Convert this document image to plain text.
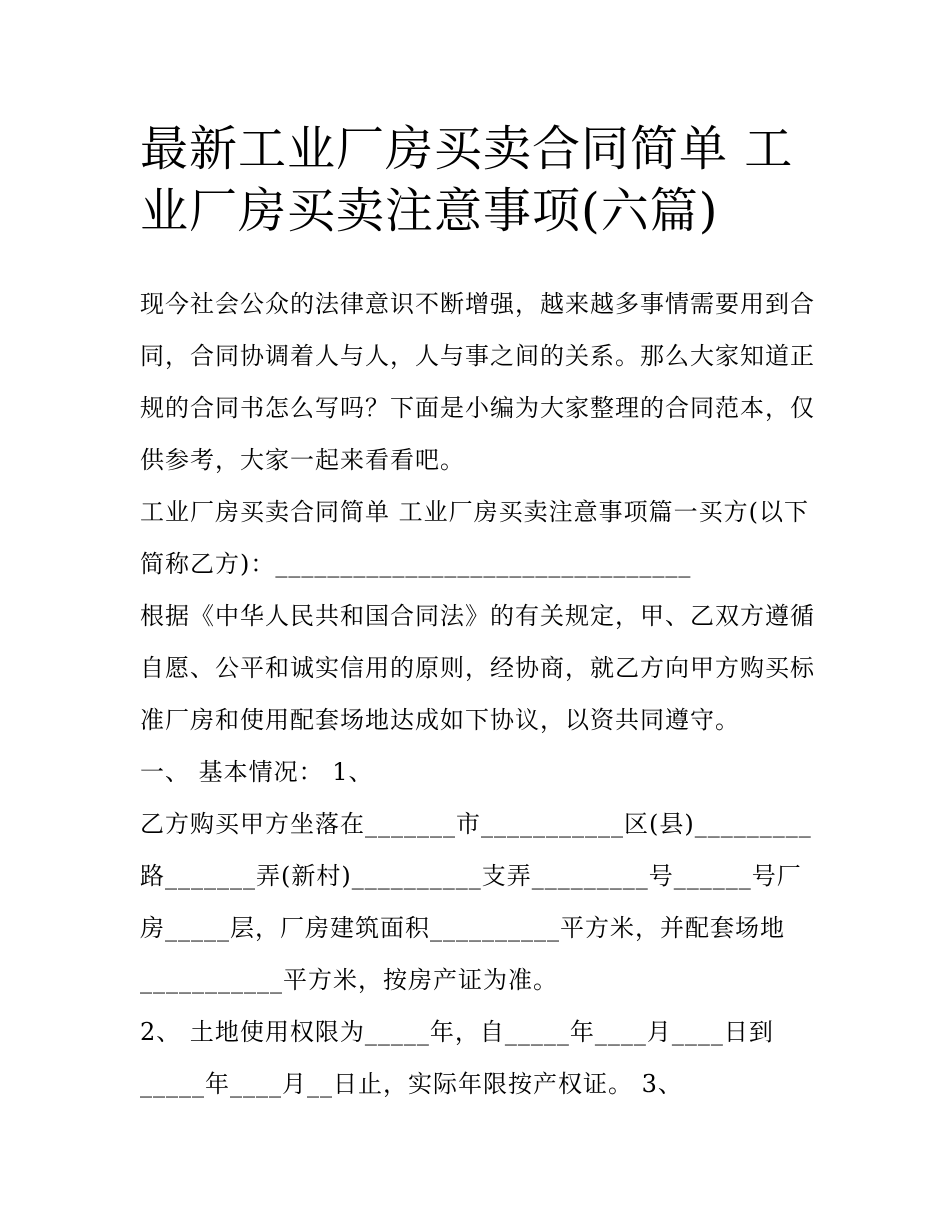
最新工业厂房买卖合同简单 工
业厂房买卖注意事项(六篇)
现今社会公众的法律意识不断增强，越来越多事情需要用到合
同，合同协调着人与人，人与事之间的关系。那么大家知道正
规的合同书怎么写吗？下面是小编为大家整理的合同范本，仅
供参考，大家一起来看看吧。
工业厂房买卖合同简单 工业厂房买卖注意事项篇一买方(以下
简称乙方)：________________________________
根据《中华人民共和国合同法》的有关规定，甲、乙双方遵循
自愿、公平和诚实信用的原则，经协商，就乙方向甲方购买标
准厂房和使用配套场地达成如下协议，以资共同遵守。
一、 基本情况： 1、
乙方购买甲方坐落在_______市___________区(县)_________
路_______弄(新村)__________支弄_________号______号厂
房_____层，厂房建筑面积__________平方米，并配套场地
___________平方米，按房产证为准。
2、 土地使用权限为_____年，自_____年____月____日到
_____年____月__日止，实际年限按产权证。 3、
